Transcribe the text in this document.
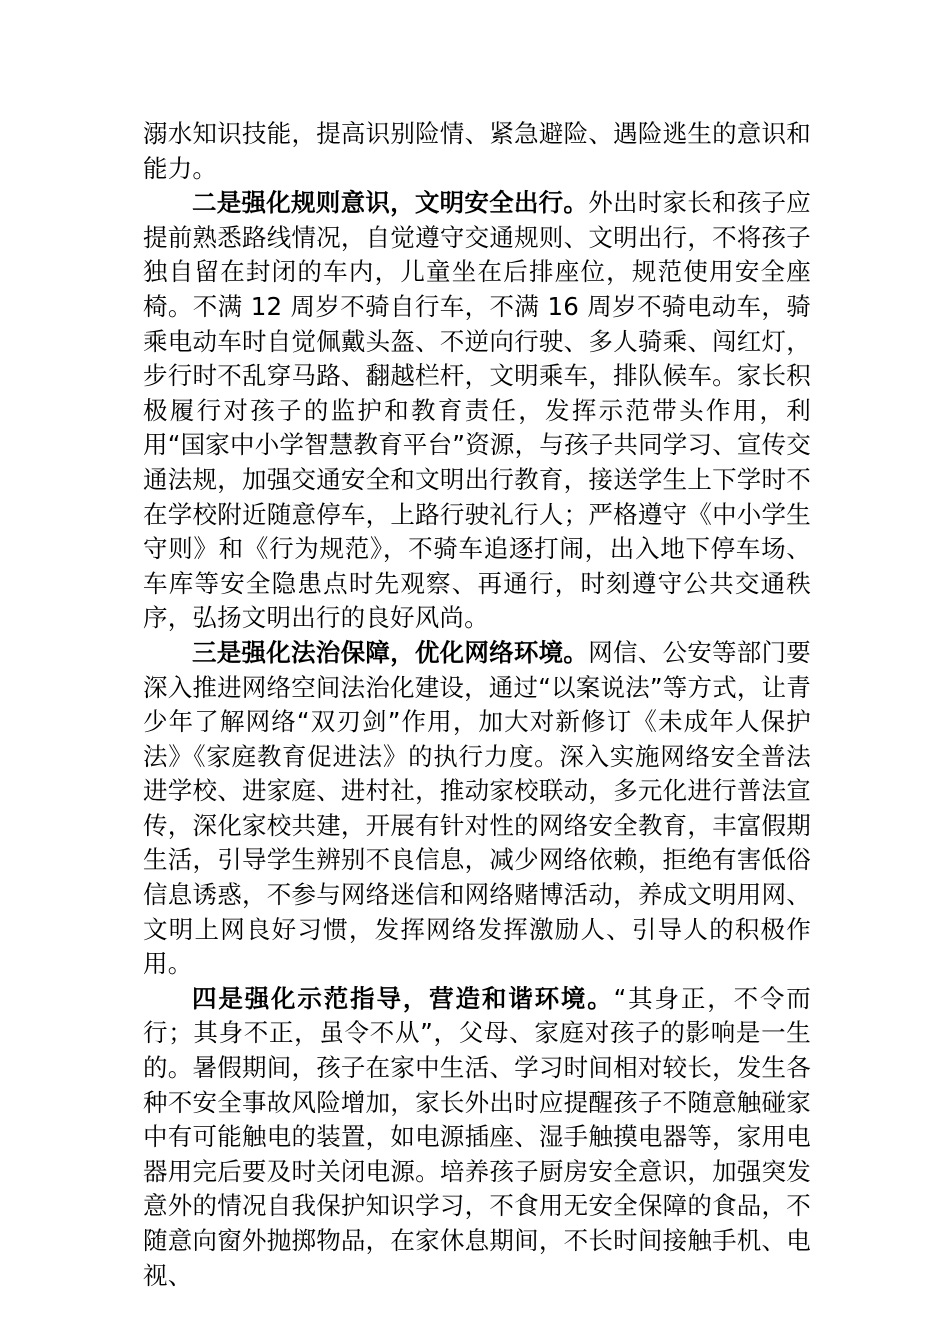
溺水知识技能，提高识别险情、紧急避险、遇险逃生的意识和能力。

二是强化规则意识，文明安全出行。外出时家长和孩子应提前熟悉路线情况，自觉遵守交通规则、文明出行，不将孩子独自留在封闭的车内，儿童坐在后排座位，规范使用安全座椅。不满 12 周岁不骑自行车，不满 16 周岁不骑电动车，骑乘电动车时自觉佩戴头盔、不逆向行驶、多人骑乘、闯红灯，步行时不乱穿马路、翻越栏杆，文明乘车，排队候车。家长积极履行对孩子的监护和教育责任，发挥示范带头作用，利用“国家中小学智慧教育平台”资源，与孩子共同学习、宣传交通法规，加强交通安全和文明出行教育，接送学生上下学时不在学校附近随意停车，上路行驶礼行人；严格遵守《中小学生守则》和《行为规范》，不骑车追逐打闹，出入地下停车场、车库等安全隐患点时先观察、再通行，时刻遵守公共交通秩序，弘扬文明出行的良好风尚。

三是强化法治保障，优化网络环境。网信、公安等部门要深入推进网络空间法治化建设，通过“以案说法”等方式，让青少年了解网络“双刃剑”作用，加大对新修订《未成年人保护法》《家庭教育促进法》的执行力度。深入实施网络安全普法进学校、进家庭、进村社，推动家校联动，多元化进行普法宣传，深化家校共建，开展有针对性的网络安全教育，丰富假期生活，引导学生辨别不良信息，减少网络依赖，拒绝有害低俗信息诱惑，不参与网络迷信和网络赌博活动，养成文明用网、文明上网良好习惯，发挥网络发挥激励人、引导人的积极作用。

四是强化示范指导，营造和谐环境。“其身正，不令而行；其身不正，虽令不从”，父母、家庭对孩子的影响是一生的。暑假期间，孩子在家中生活、学习时间相对较长，发生各种不安全事故风险增加，家长外出时应提醒孩子不随意触碰家中有可能触电的装置，如电源插座、湿手触摸电器等，家用电器用完后要及时关闭电源。培养孩子厨房安全意识，加强突发意外的情况自我保护知识学习，不食用无安全保障的食品，不随意向窗外抛掷物品，在家休息期间，不长时间接触手机、电视、
